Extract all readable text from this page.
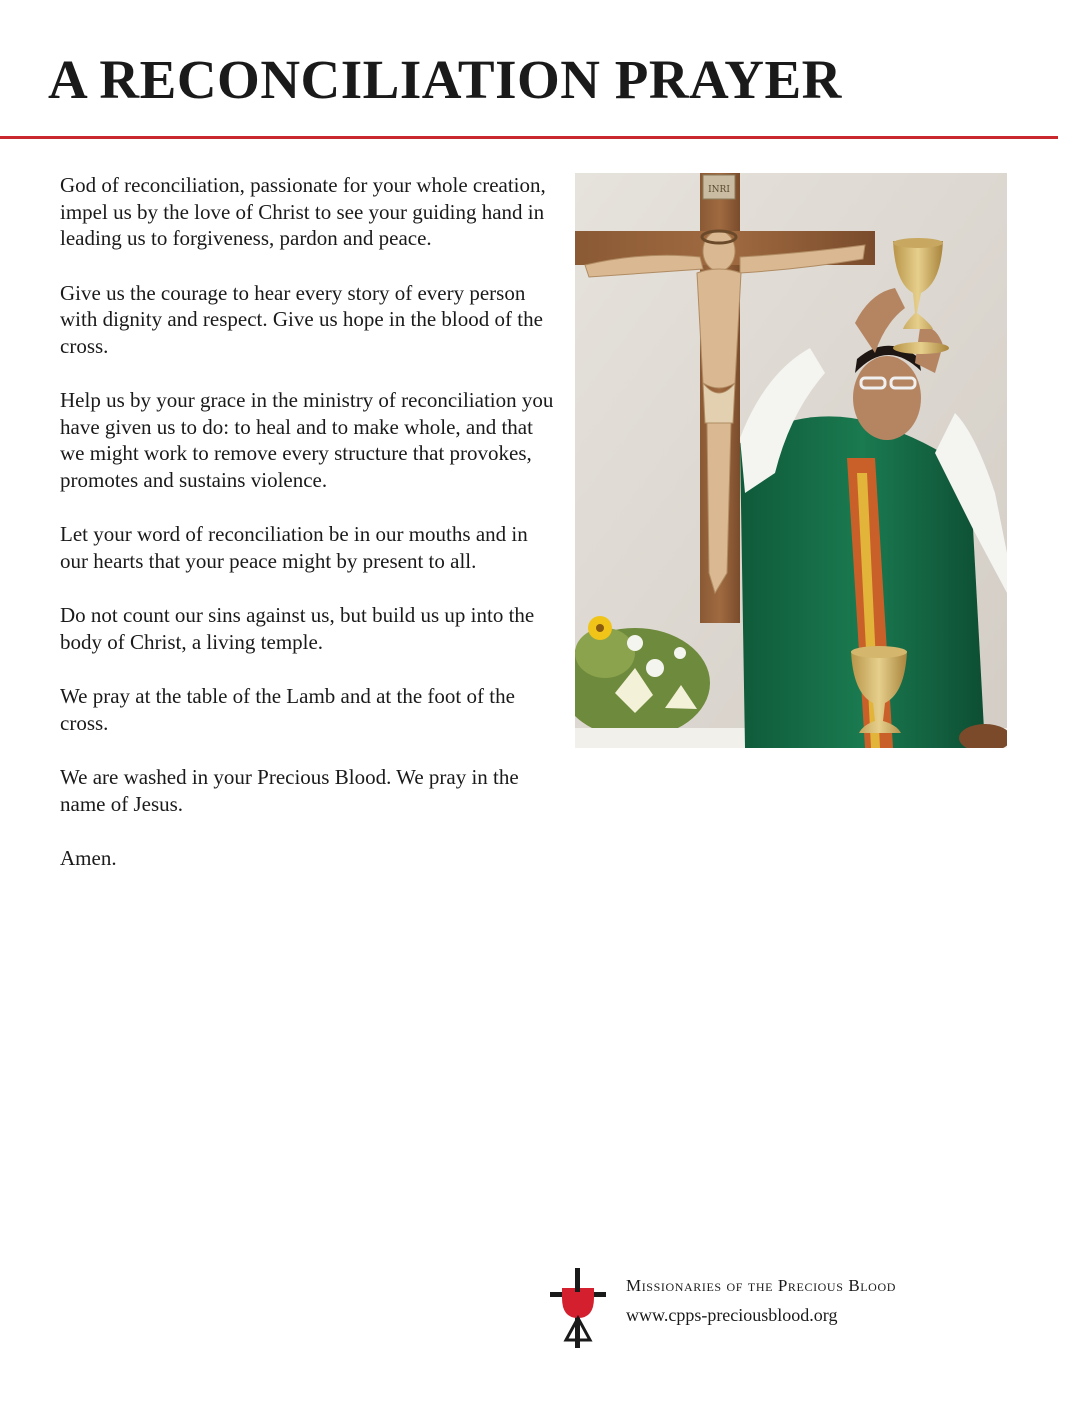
A RECONCILIATION PRAYER

God of reconciliation, passionate for your whole creation, impel us by the love of Christ to see your guiding hand in leading us to forgiveness, pardon and peace.

Give us the courage to hear every story of every person with dignity and respect. Give us hope in the blood of the cross.

Help us by your grace in the ministry of reconciliation you have given us to do: to heal and to make whole, and that we might work to remove every structure that provokes, promotes and sustains violence.

Let your word of reconciliation be in our mouths and in our hearts that your peace might by present to all.

Do not count our sins against us, but build us up into the body of Christ, a living temple.

We pray at the table of the Lamb and at the foot of the cross.

We are washed in your Precious Blood. We pray in the name of Jesus.

Amen.

INRI
Missionaries of the Precious Blood
www.cpps-preciousblood.org
